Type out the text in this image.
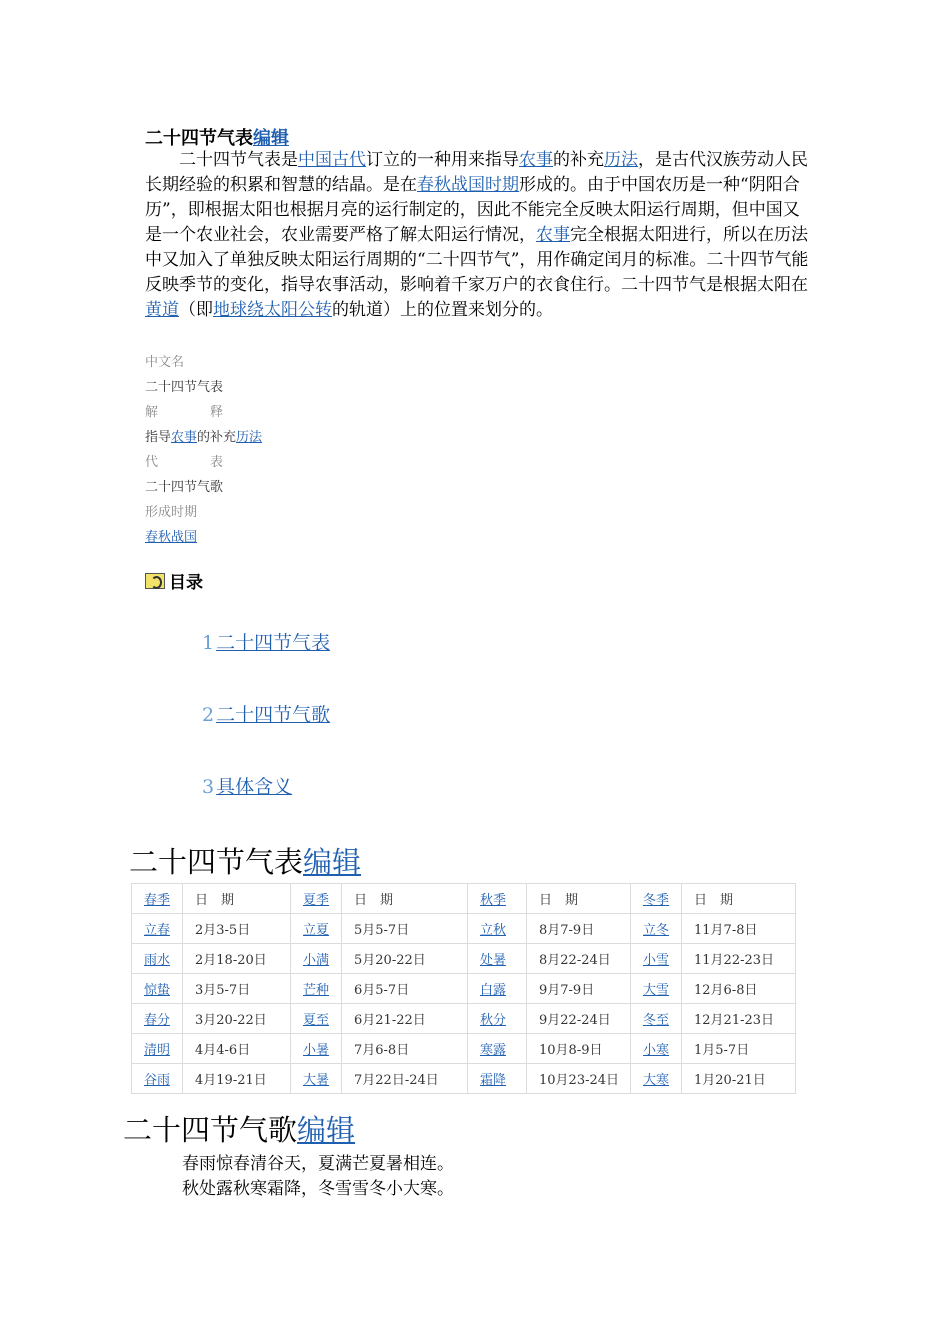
二十四节气表编辑
二十四节气表是中国古代订立的一种用来指导农事的补充历法，是古代汉族劳动人民长期经验的积累和智慧的结晶。是在春秋战国时期形成的。由于中国农历是一种“阴阳合历”，即根据太阳也根据月亮的运行制定的，因此不能完全反映太阳运行周期，但中国又是一个农业社会，农业需要严格了解太阳运行情况，农事完全根据太阳进行，所以在历法中又加入了单独反映太阳运行周期的“二十四节气”，用作确定闰月的标准。二十四节气能反映季节的变化，指导农事活动，影响着千家万户的衣食住行。二十四节气是根据太阳在黄道（即地球绕太阳公转的轨道）上的位置来划分的。
中文名
二十四节气表
解　　　　释
指导农事的补充历法
代　　　　表
二十四节气歌
形成时期
春秋战国
目录
1 二十四节气表
2 二十四节气歌
3 具体含义
二十四节气表编辑
春季	日　期	夏季	日　期	秋季	日　期	冬季	日　期
立春	2月3-5日	立夏	5月5-7日	立秋	8月7-9日	立冬	11月7-8日
雨水	2月18-20日	小满	5月20-22日	处暑	8月22-24日	小雪	11月22-23日
惊蛰	3月5-7日	芒种	6月5-7日	白露	9月7-9日	大雪	12月6-8日
春分	3月20-22日	夏至	6月21-22日	秋分	9月22-24日	冬至	12月21-23日
清明	4月4-6日	小暑	7月6-8日	寒露	10月8-9日	小寒	1月5-7日
谷雨	4月19-21日	大暑	7月22日-24日	霜降	10月23-24日	大寒	1月20-21日
二十四节气歌编辑
春雨惊春清谷天，夏满芒夏暑相连。
秋处露秋寒霜降，冬雪雪冬小大寒。
